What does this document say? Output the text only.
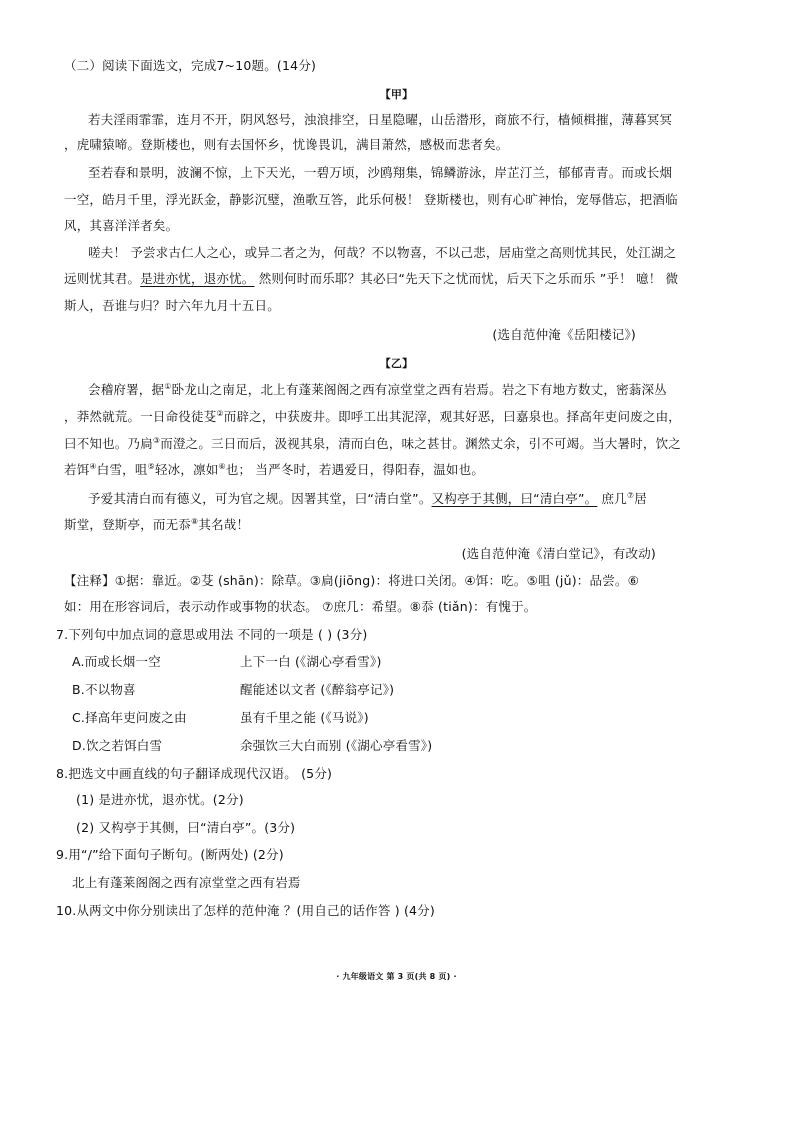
（二）阅读下面选文，完成7~10题。(14分)
【甲】
若夫淫雨霏霏，连月不开，阴风怒号，浊浪排空，日星隐曜，山岳潜形，商旅不行，樯倾楫摧，薄暮冥冥
，虎啸猿啼。登斯楼也，则有去国怀乡，忧谗畏讥，满目萧然，感极而悲者矣。
至若春和景明，波澜不惊，上下天光，一碧万顷，沙鸥翔集，锦鳞游泳，岸芷汀兰，郁郁青青。而或长烟
一空，皓月千里，浮光跃金，静影沉璧，渔歌互答，此乐何极！ 登斯楼也，则有心旷神怡，宠辱偕忘，把酒临
风，其喜洋洋者矣。
嗟夫！ 予尝求古仁人之心，或异二者之为，何哉？不以物喜，不以己悲，居庙堂之高则忧其民，处江湖之
远则忧其君。是进亦忧，退亦忧。 然则何时而乐耶？其必曰“先天下之忧而忧，后天下之乐而乐 ”乎！ 噫！ 微
斯人，吾谁与归？时六年九月十五日。
(选自范仲淹《岳阳楼记》)
【乙】
会稽府署，据①卧龙山之南足，北上有蓬莱阁阁之西有凉堂堂之西有岩焉。岩之下有地方数丈，密蓊深丛
，莽然就荒。一日命役徒芟②而辟之，中获废井。即呼工出其泥滓，观其好恶，曰嘉泉也。择高年吏问废之由，
曰不知也。乃扃③而澄之。三日而后，汲视其泉，清而白色，味之甚甘。渊然丈余，引不可竭。当大暑时，饮之
若饵④白雪，咀⑤轻冰，凛如⑥也； 当严冬时，若遇爱日，得阳春，温如也。
予爱其清白而有德义，可为官之规。因署其堂，曰“清白堂”。又构亭于其侧，曰“清白亭”。 庶几⑦居
斯堂，登斯亭，而无忝⑧其名哉！
(选自范仲淹《清白堂记》，有改动)
【注释】①据：靠近。②芟 (shān)：除草。③扃(jiōng)：将进口关闭。④饵：吃。⑤咀 (jǔ)：品尝。⑥
如：用在形容词后，表示动作或事物的状态。 ⑦庶几：希望。⑧忝 (tiǎn)：有愧于。
7.下列句中加点词的意思或用法 不同的一项是 ( ) (3分)
A.而或长烟一空	上下一白 (《湖心亭看雪》)
B.不以物喜	醒能述以文者 (《醉翁亭记》)
C.择高年吏问废之由	虽有千里之能 (《马说》)
D.饮之若饵白雪	余强饮三大白而别 (《湖心亭看雪》)
8.把选文中画直线的句子翻译成现代汉语。 (5分)
(1) 是进亦忧，退亦忧。(2分)
(2) 又构亭于其侧，曰“清白亭”。(3分)
9.用“/”给下面句子断句。(断两处) (2分)
北上有蓬莱阁阁之西有凉堂堂之西有岩焉
10.从两文中你分别读出了怎样的范仲淹 ？(用自己的话作答 ) (4分)
· 九年级语文 第 3 页(共 8 页) ·
